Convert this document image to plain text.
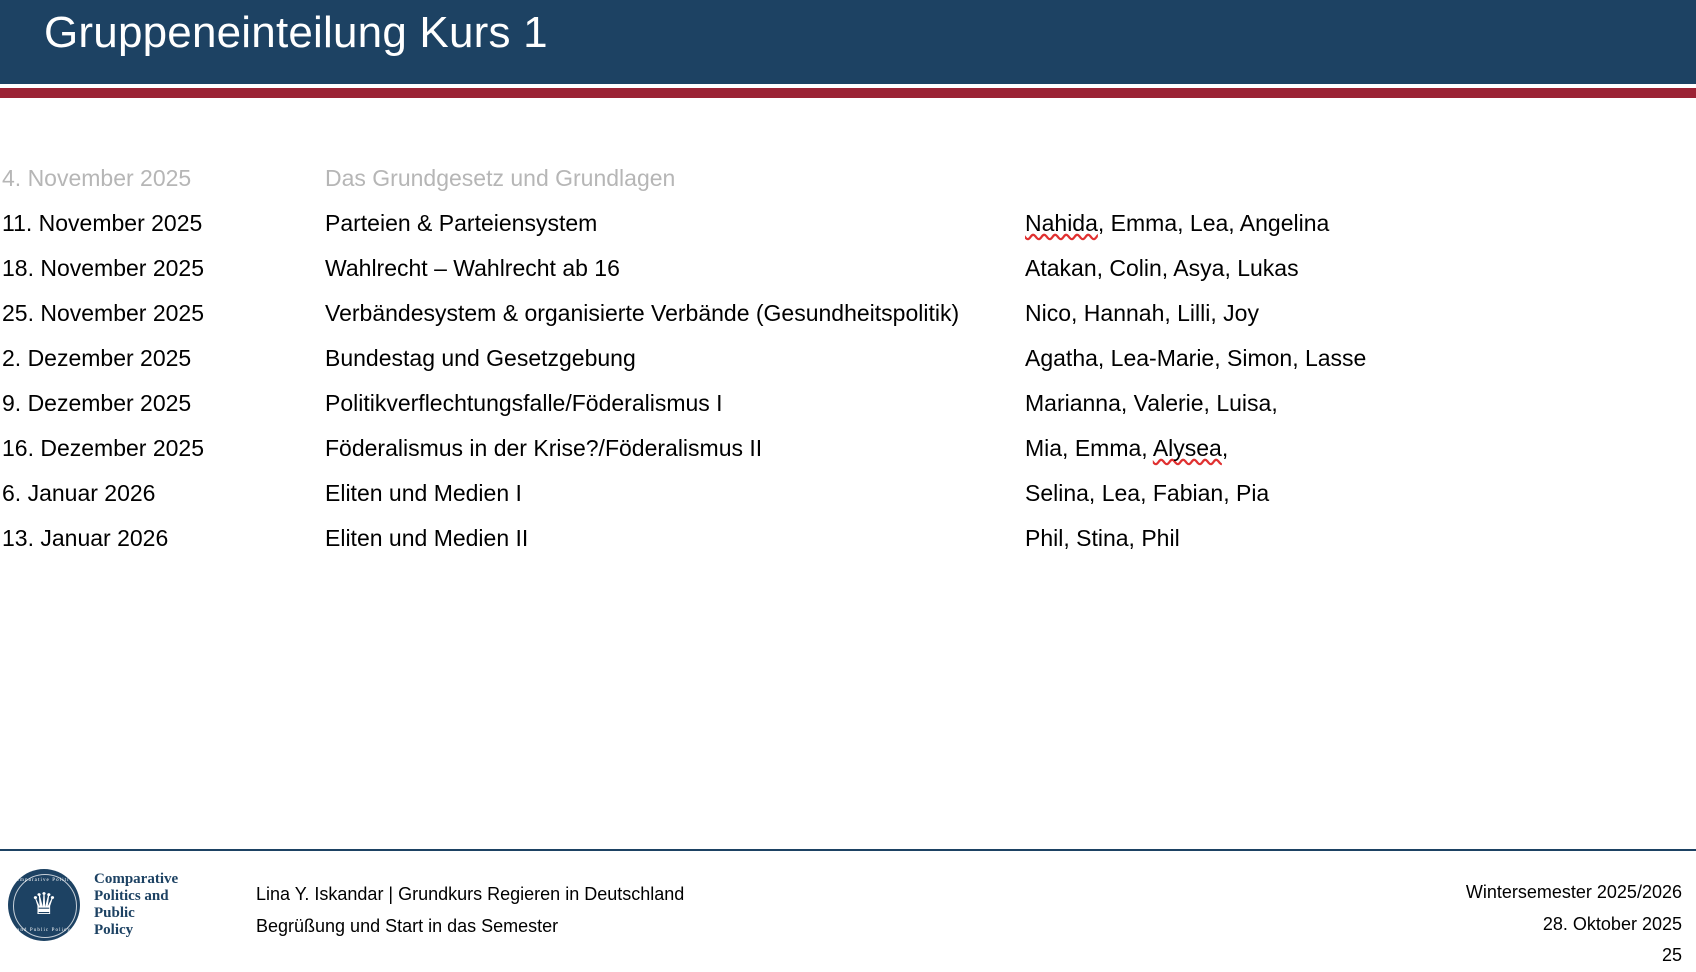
Gruppeneinteilung Kurs 1
4. November 2025	Das Grundgesetz und Grundlagen
11. November 2025	Parteien & Parteiensystem	Nahida, Emma, Lea, Angelina
18. November 2025	Wahlrecht – Wahlrecht ab 16	Atakan, Colin, Asya, Lukas
25. November 2025	Verbändesystem & organisierte Verbände (Gesundheitspolitik)	Nico, Hannah, Lilli, Joy
2. Dezember 2025	Bundestag und Gesetzgebung	Agatha, Lea-Marie, Simon, Lasse
9. Dezember 2025	Politikverflechtungsfalle/Föderalismus I	Marianna, Valerie, Luisa,
16. Dezember 2025	Föderalismus in der Krise?/Föderalismus II	Mia, Emma, Alysea,
6. Januar 2026	Eliten und Medien I	Selina, Lea, Fabian, Pia
13. Januar 2026	Eliten und Medien II	Phil, Stina, Phil
Comparative Politics
♛
and Public Policy
Comparative
Politics and
Public
Policy
Lina Y. Iskandar | Grundkurs Regieren in Deutschland
Begrüßung und Start in das Semester
Wintersemester 2025/2026
28. Oktober 2025
25
